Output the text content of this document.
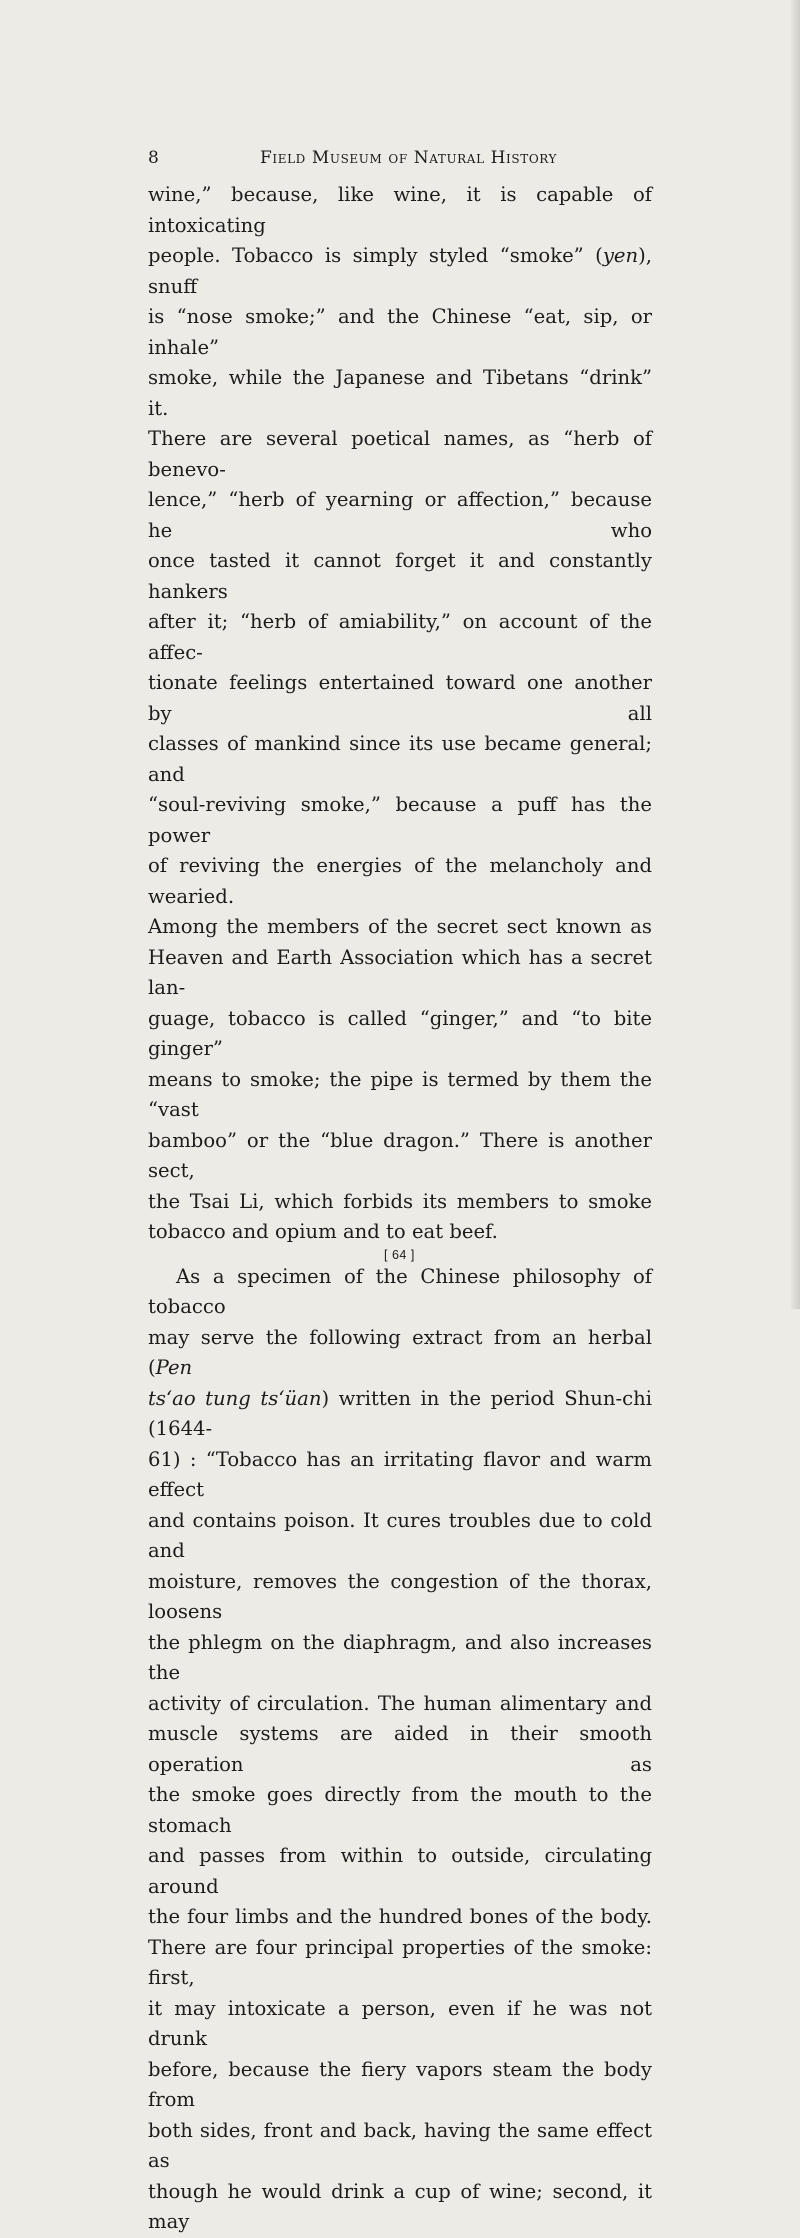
8	Field Museum of Natural History

wine,” because, like wine, it is capable of intoxicating
people. Tobacco is simply styled “smoke” (yen), snuff
is “nose smoke;” and the Chinese “eat, sip, or inhale”
smoke, while the Japanese and Tibetans “drink” it.
There are several poetical names, as “herb of benevo-
lence,” “herb of yearning or affection,” because he who
once tasted it cannot forget it and constantly hankers
after it; “herb of amiability,” on account of the affec-
tionate feelings entertained toward one another by all
classes of mankind since its use became general; and
“soul-reviving smoke,” because a puff has the power
of reviving the energies of the melancholy and wearied.
Among the members of the secret sect known as
Heaven and Earth Association which has a secret lan-
guage, tobacco is called “ginger,” and “to bite ginger”
means to smoke; the pipe is termed by them the “vast
bamboo” or the “blue dragon.” There is another sect,
the Tsai Li, which forbids its members to smoke
tobacco and opium and to eat beef.

As a specimen of the Chinese philosophy of tobacco
may serve the following extract from an herbal (Pen
ts‘ao tung ts‘üan) written in the period Shun-chi (1644-
61) : “Tobacco has an irritating flavor and warm effect
and contains poison. It cures troubles due to cold and
moisture, removes the congestion of the thorax, loosens
the phlegm on the diaphragm, and also increases the
activity of circulation. The human alimentary and
muscle systems are aided in their smooth operation as
the smoke goes directly from the mouth to the stomach
and passes from within to outside, circulating around
the four limbs and the hundred bones of the body.
There are four principal properties of the smoke: first,
it may intoxicate a person, even if he was not drunk
before, because the fiery vapors steam the body from
both sides, front and back, having the same effect as
though he would drink a cup of wine; second, it may

[ 64 ]
